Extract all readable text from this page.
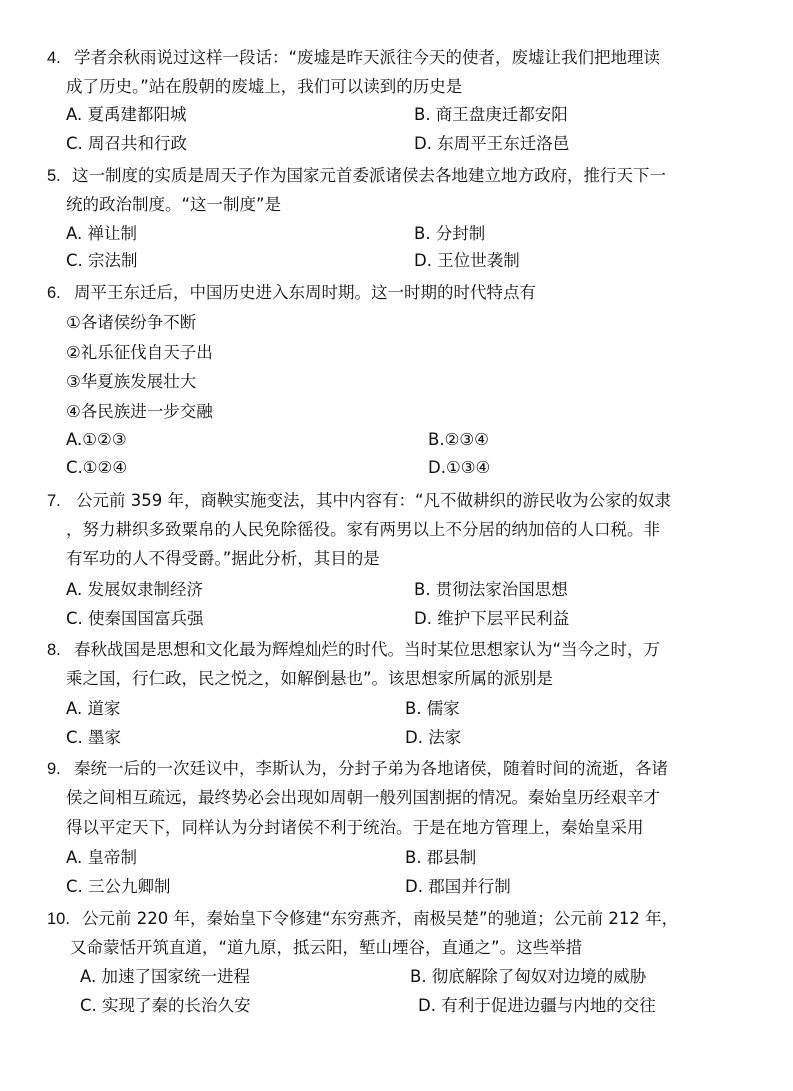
4. 学者余秋雨说过这样一段话：“废墟是昨天派往今天的使者，废墟让我们把地理读
成了历史。”站在殷朝的废墟上，我们可以读到的历史是
A. 夏禹建都阳城	B. 商王盘庚迁都安阳
C. 周召共和行政	D. 东周平王东迁洛邑
5. 这一制度的实质是周天子作为国家元首委派诸侯去各地建立地方政府，推行天下一
统的政治制度。“这一制度”是
A. 禅让制	B. 分封制
C. 宗法制	D. 王位世袭制
6. 周平王东迁后，中国历史进入东周时期。这一时期的时代特点有
①各诸侯纷争不断
②礼乐征伐自天子出
③华夏族发展壮大
④各民族进一步交融
A.①②③	B.②③④
C.①②④	D.①③④
7. 公元前 359 年，商鞅实施变法，其中内容有：“凡不做耕织的游民收为公家的奴隶
，努力耕织多致粟帛的人民免除徭役。家有两男以上不分居的纳加倍的人口税。非
有军功的人不得受爵。”据此分析，其目的是
A. 发展奴隶制经济	B. 贯彻法家治国思想
C. 使秦国国富兵强	D. 维护下层平民利益
8. 春秋战国是思想和文化最为辉煌灿烂的时代。当时某位思想家认为“当今之时，万
乘之国，行仁政，民之悦之，如解倒悬也”。该思想家所属的派别是
A. 道家	B. 儒家
C. 墨家	D. 法家
9. 秦统一后的一次廷议中，李斯认为，分封子弟为各地诸侯，随着时间的流逝，各诸
侯之间相互疏远，最终势必会出现如周朝一般列国割据的情况。秦始皇历经艰辛才
得以平定天下，同样认为分封诸侯不利于统治。于是在地方管理上，秦始皇采用
A. 皇帝制	B. 郡县制
C. 三公九卿制	D. 郡国并行制
10. 公元前 220 年，秦始皇下令修建“东穷燕齐，南极吴楚”的驰道；公元前 212 年，
又命蒙恬开筑直道，“道九原，抵云阳，堑山堙谷，直通之”。这些举措
A. 加速了国家统一进程	B. 彻底解除了匈奴对边境的威胁
C. 实现了秦的长治久安	D. 有利于促进边疆与内地的交往
